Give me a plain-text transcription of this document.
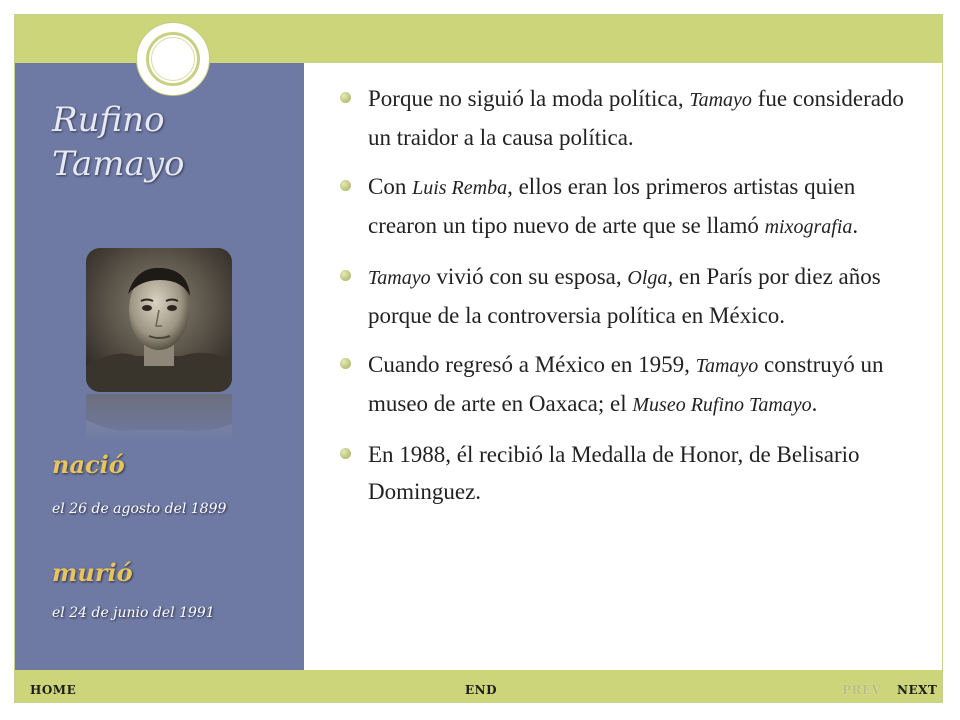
Rufino
Tamayo
nació
el 26 de agosto del 1899
murió
el 24 de junio del 1991
Porque no siguió la moda política, Tamayo fue considerado un traidor a la causa política.
Con Luis Remba, ellos eran los primeros artistas quien crearon un tipo nuevo de arte que se llamó mixografia.
Tamayo vivió con su esposa, Olga, en París por diez años porque de la controversia política en México.
Cuando regresó a México en 1959, Tamayo construyó un museo de arte en Oaxaca; el Museo Rufino Tamayo.
En 1988, él recibió la Medalla de Honor, de Belisario Dominguez.
HOME	END	PREV NEXT
